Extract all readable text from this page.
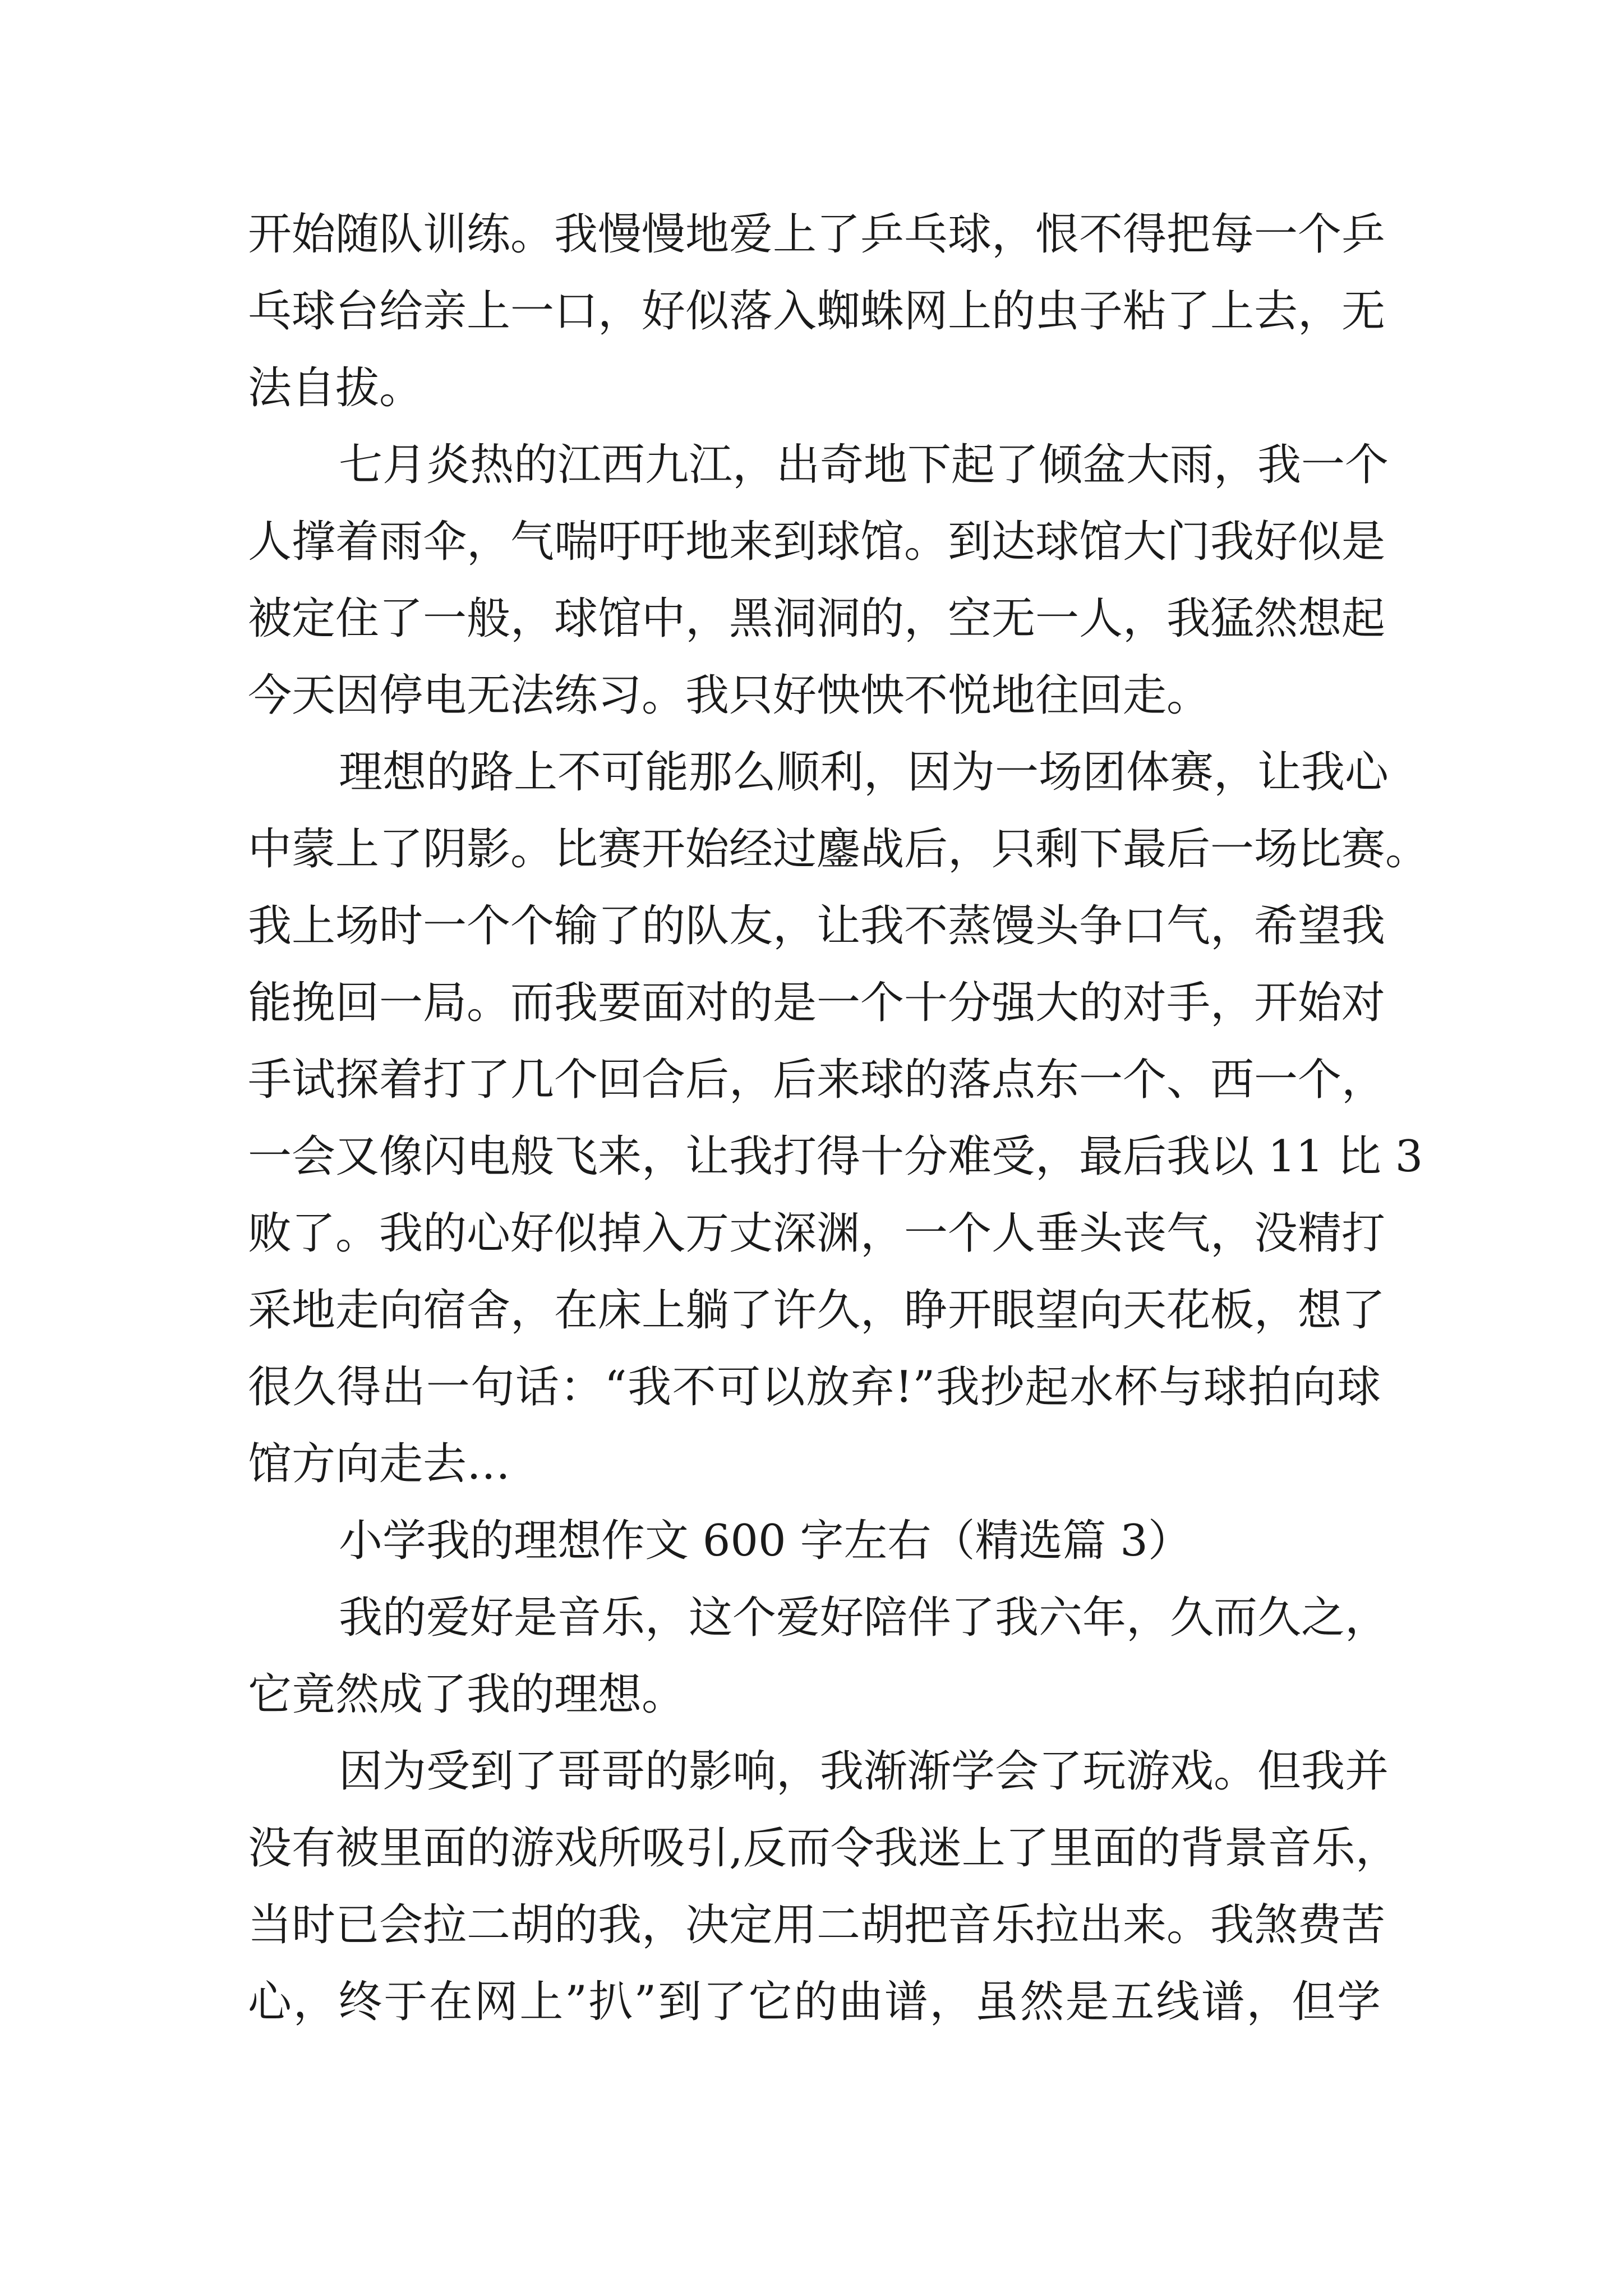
开始随队训练。我慢慢地爱上了乒乓球，恨不得把每一个乒
乓球台给亲上一口，好似落入蜘蛛网上的虫子粘了上去，无
法自拔。
七月炎热的江西九江，出奇地下起了倾盆大雨，我一个
人撑着雨伞，气喘吁吁地来到球馆。到达球馆大门我好似是
被定住了一般，球馆中，黑洞洞的，空无一人，我猛然想起
今天因停电无法练习。我只好怏怏不悦地往回走。
理想的路上不可能那么顺利，因为一场团体赛，让我心
中蒙上了阴影。比赛开始经过鏖战后，只剩下最后一场比赛。
我上场时一个个输了的队友，让我不蒸馒头争口气，希望我
能挽回一局。而我要面对的是一个十分强大的对手，开始对
手试探着打了几个回合后，后来球的落点东一个、西一个，
一会又像闪电般飞来，让我打得十分难受，最后我以 11 比 3
败了。我的心好似掉入万丈深渊，一个人垂头丧气，没精打
采地走向宿舍，在床上躺了许久，睁开眼望向天花板，想了
很久得出一句话：“我不可以放弃!”我抄起水杯与球拍向球
馆方向走去…
小学我的理想作文 600 字左右（精选篇 3）
我的爱好是音乐，这个爱好陪伴了我六年，久而久之，
它竟然成了我的理想。
因为受到了哥哥的影响，我渐渐学会了玩游戏。但我并
没有被里面的游戏所吸引,反而令我迷上了里面的背景音乐，
当时已会拉二胡的我，决定用二胡把音乐拉出来。我煞费苦
心，终于在网上”扒”到了它的曲谱，虽然是五线谱，但学
